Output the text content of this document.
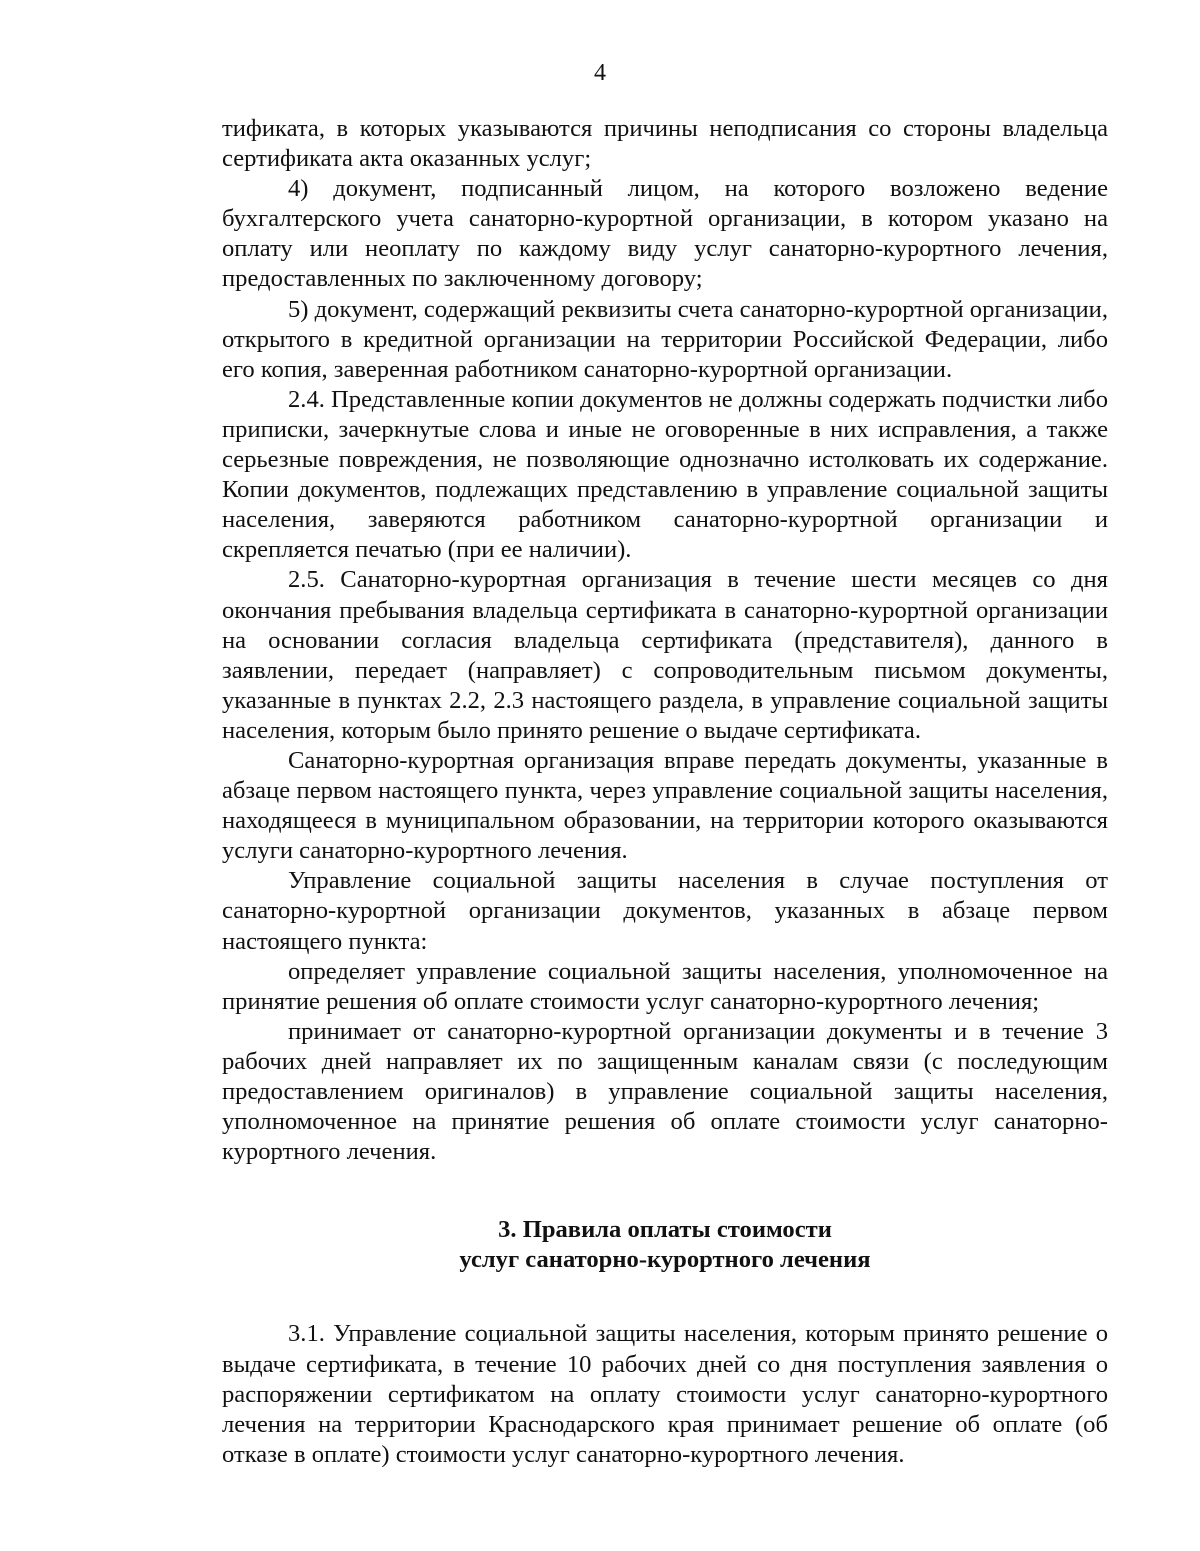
4

тификата, в которых указываются причины неподписания со стороны владельца сертификата акта оказанных услуг;

4) документ, подписанный лицом, на которого возложено ведение бухгалтерского учета санаторно-курортной организации, в котором указано на оплату или неоплату по каждому виду услуг санаторно-курортного лечения, предоставленных по заключенному договору;

5) документ, содержащий реквизиты счета санаторно-курортной организации, открытого в кредитной организации на территории Российской Федерации, либо его копия, заверенная работником санаторно-курортной организации.

2.4. Представленные копии документов не должны содержать подчистки либо приписки, зачеркнутые слова и иные не оговоренные в них исправления, а также серьезные повреждения, не позволяющие однозначно истолковать их содержание. Копии документов, подлежащих представлению в управление социальной защиты населения, заверяются работником санаторно-курортной организации и скрепляется печатью (при ее наличии).

2.5. Санаторно-курортная организация в течение шести месяцев со дня окончания пребывания владельца сертификата в санаторно-курортной организации на основании согласия владельца сертификата (представителя), данного в заявлении, передает (направляет) с сопроводительным письмом документы, указанные в пунктах 2.2, 2.3 настоящего раздела, в управление социальной защиты населения, которым было принято решение о выдаче сертификата.

Санаторно-курортная организация вправе передать документы, указанные в абзаце первом настоящего пункта, через управление социальной защиты населения, находящееся в муниципальном образовании, на территории которого оказываются услуги санаторно-курортного лечения.

Управление социальной защиты населения в случае поступления от санаторно-курортной организации документов, указанных в абзаце первом настоящего пункта:

определяет управление социальной защиты населения, уполномоченное на принятие решения об оплате стоимости услуг санаторно-курортного лечения;

принимает от санаторно-курортной организации документы и в течение 3 рабочих дней направляет их по защищенным каналам связи (с последующим предоставлением оригиналов) в управление социальной защиты населения, уполномоченное на принятие решения об оплате стоимости услуг санаторно-курортного лечения.

3. Правила оплаты стоимости
услуг санаторно-курортного лечения

3.1. Управление социальной защиты населения, которым принято решение о выдаче сертификата, в течение 10 рабочих дней со дня поступления заявления о распоряжении сертификатом на оплату стоимости услуг санаторно-курортного лечения на территории Краснодарского края принимает решение об оплате (об отказе в оплате) стоимости услуг санаторно-курортного лечения.
